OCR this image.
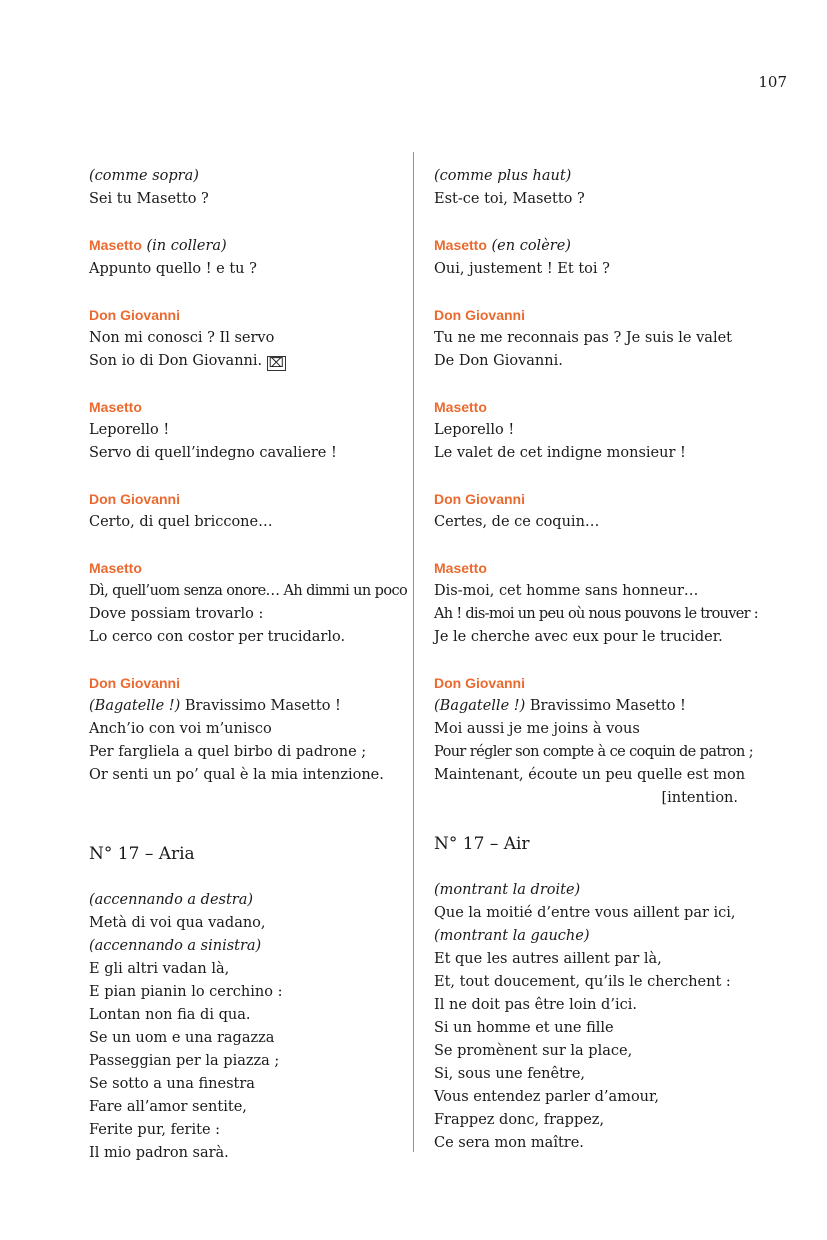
107
(comme sopra)
Sei tu Masetto ?
Masetto (in collera)
Appunto quello ! e tu ?
Don Giovanni
Non mi conosci ? Il servo
Son io di Don Giovanni. ⌧
Masetto
Leporello !
Servo di quell’indegno cavaliere !
Don Giovanni
Certo, di quel briccone…
Masetto
Dì, quell’uom senza onore… Ah dimmi un poco
Dove possiam trovarlo :
Lo cerco con costor per trucidarlo.
Don Giovanni
(Bagatelle !) Bravissimo Masetto !
Anch’io con voi m’unisco
Per fargliela a quel birbo di padrone ;
Or senti un po’ qual è la mia intenzione.
N° 17 – Aria
(accennando a destra)
Metà di voi qua vadano,
(accennando a sinistra)
E gli altri vadan là,
E pian pianin lo cerchino :
Lontan non fia di qua.
Se un uom e una ragazza
Passeggian per la piazza ;
Se sotto a una finestra
Fare all’amor sentite,
Ferite pur, ferite :
Il mio padron sarà.
(comme plus haut)
Est-ce toi, Masetto ?
Masetto (en colère)
Oui, justement ! Et toi ?
Don Giovanni
Tu ne me reconnais pas ? Je suis le valet
De Don Giovanni.
Masetto
Leporello !
Le valet de cet indigne monsieur !
Don Giovanni
Certes, de ce coquin…
Masetto
Dis-moi, cet homme sans honneur…
Ah ! dis-moi un peu où nous pouvons le trouver :
Je le cherche avec eux pour le trucider.
Don Giovanni
(Bagatelle !) Bravissimo Masetto !
Moi aussi je me joins à vous
Pour régler son compte à ce coquin de patron ;
Maintenant, écoute un peu quelle est mon
[intention.
N° 17 – Air
(montrant la droite)
Que la moitié d’entre vous aillent par ici,
(montrant la gauche)
Et que les autres aillent par là,
Et, tout doucement, qu’ils le cherchent :
Il ne doit pas être loin d’ici.
Si un homme et une fille
Se promènent sur la place,
Si, sous une fenêtre,
Vous entendez parler d’amour,
Frappez donc, frappez,
Ce sera mon maître.
